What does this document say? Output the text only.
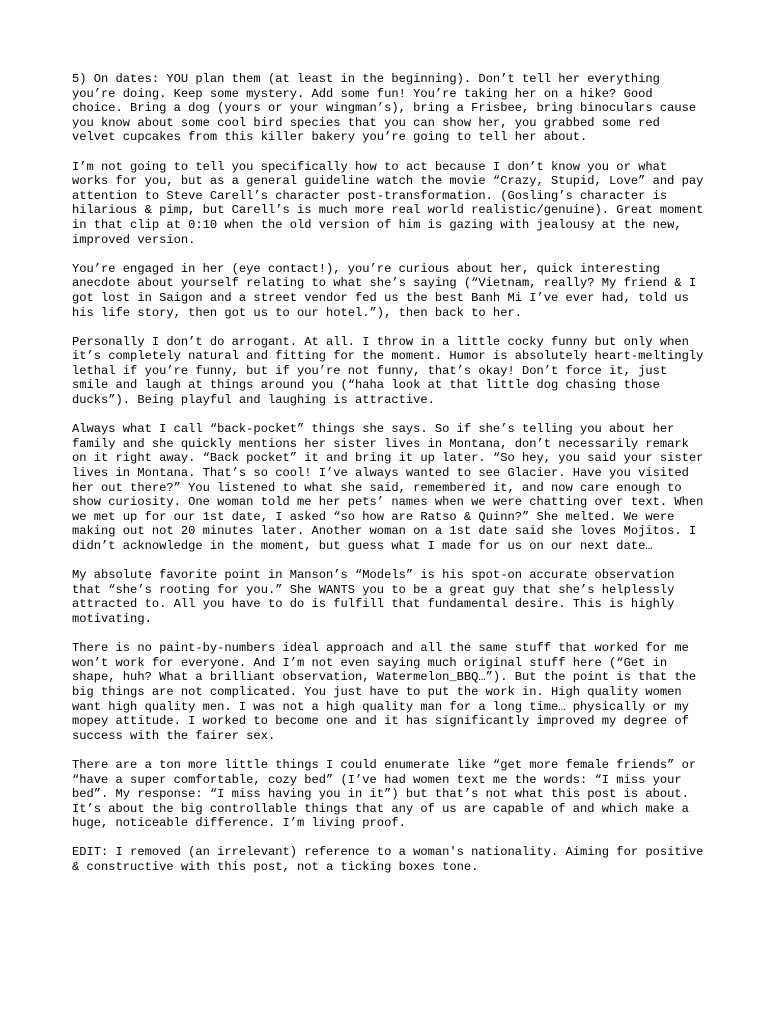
5) On dates: YOU plan them (at least in the beginning). Don’t tell her everything you’re doing. Keep some mystery. Add some fun! You’re taking her on a hike? Good choice. Bring a dog (yours or your wingman’s), bring a Frisbee, bring binoculars cause you know about some cool bird species that you can show her, you grabbed some red velvet cupcakes from this killer bakery you’re going to tell her about.

I’m not going to tell you specifically how to act because I don’t know you or what works for you, but as a general guideline watch the movie “Crazy, Stupid, Love” and pay attention to Steve Carell’s character post-transformation. (Gosling’s character is hilarious & pimp, but Carell’s is much more real world realistic/genuine). Great moment in that clip at 0:10 when the old version of him is gazing with jealousy at the new, improved version.

You’re engaged in her (eye contact!), you’re curious about her, quick interesting anecdote about yourself relating to what she’s saying (“Vietnam, really? My friend & I got lost in Saigon and a street vendor fed us the best Banh Mi I’ve ever had, told us his life story, then got us to our hotel.”), then back to her.

Personally I don’t do arrogant. At all. I throw in a little cocky funny but only when it’s completely natural and fitting for the moment. Humor is absolutely heart-meltingly lethal if you’re funny, but if you’re not funny, that’s okay! Don’t force it, just smile and laugh at things around you (“haha look at that little dog chasing those ducks”). Being playful and laughing is attractive.

Always what I call “back-pocket” things she says. So if she’s telling you about her family and she quickly mentions her sister lives in Montana, don’t necessarily remark on it right away. “Back pocket” it and bring it up later. “So hey, you said your sister lives in Montana. That’s so cool! I’ve always wanted to see Glacier. Have you visited her out there?” You listened to what she said, remembered it, and now care enough to show curiosity. One woman told me her pets’ names when we were chatting over text. When we met up for our 1st date, I asked “so how are Ratso & Quinn?” She melted. We were making out not 20 minutes later. Another woman on a 1st date said she loves Mojitos. I didn’t acknowledge in the moment, but guess what I made for us on our next date…

My absolute favorite point in Manson’s “Models” is his spot-on accurate observation that “she’s rooting for you.” She WANTS you to be a great guy that she’s helplessly attracted to. All you have to do is fulfill that fundamental desire. This is highly motivating.

There is no paint-by-numbers ideal approach and all the same stuff that worked for me won’t work for everyone. And I’m not even saying much original stuff here (“Get in shape, huh? What a brilliant observation, Watermelon_BBQ…”). But the point is that the big things are not complicated. You just have to put the work in. High quality women want high quality men. I was not a high quality man for a long time… physically or my mopey attitude. I worked to become one and it has significantly improved my degree of success with the fairer sex.

There are a ton more little things I could enumerate like “get more female friends” or “have a super comfortable, cozy bed” (I’ve had women text me the words: “I miss your bed”. My response: “I miss having you in it”) but that’s not what this post is about. It’s about the big controllable things that any of us are capable of and which make a huge, noticeable difference. I’m living proof.

EDIT: I removed (an irrelevant) reference to a woman's nationality. Aiming for positive & constructive with this post, not a ticking boxes tone.
